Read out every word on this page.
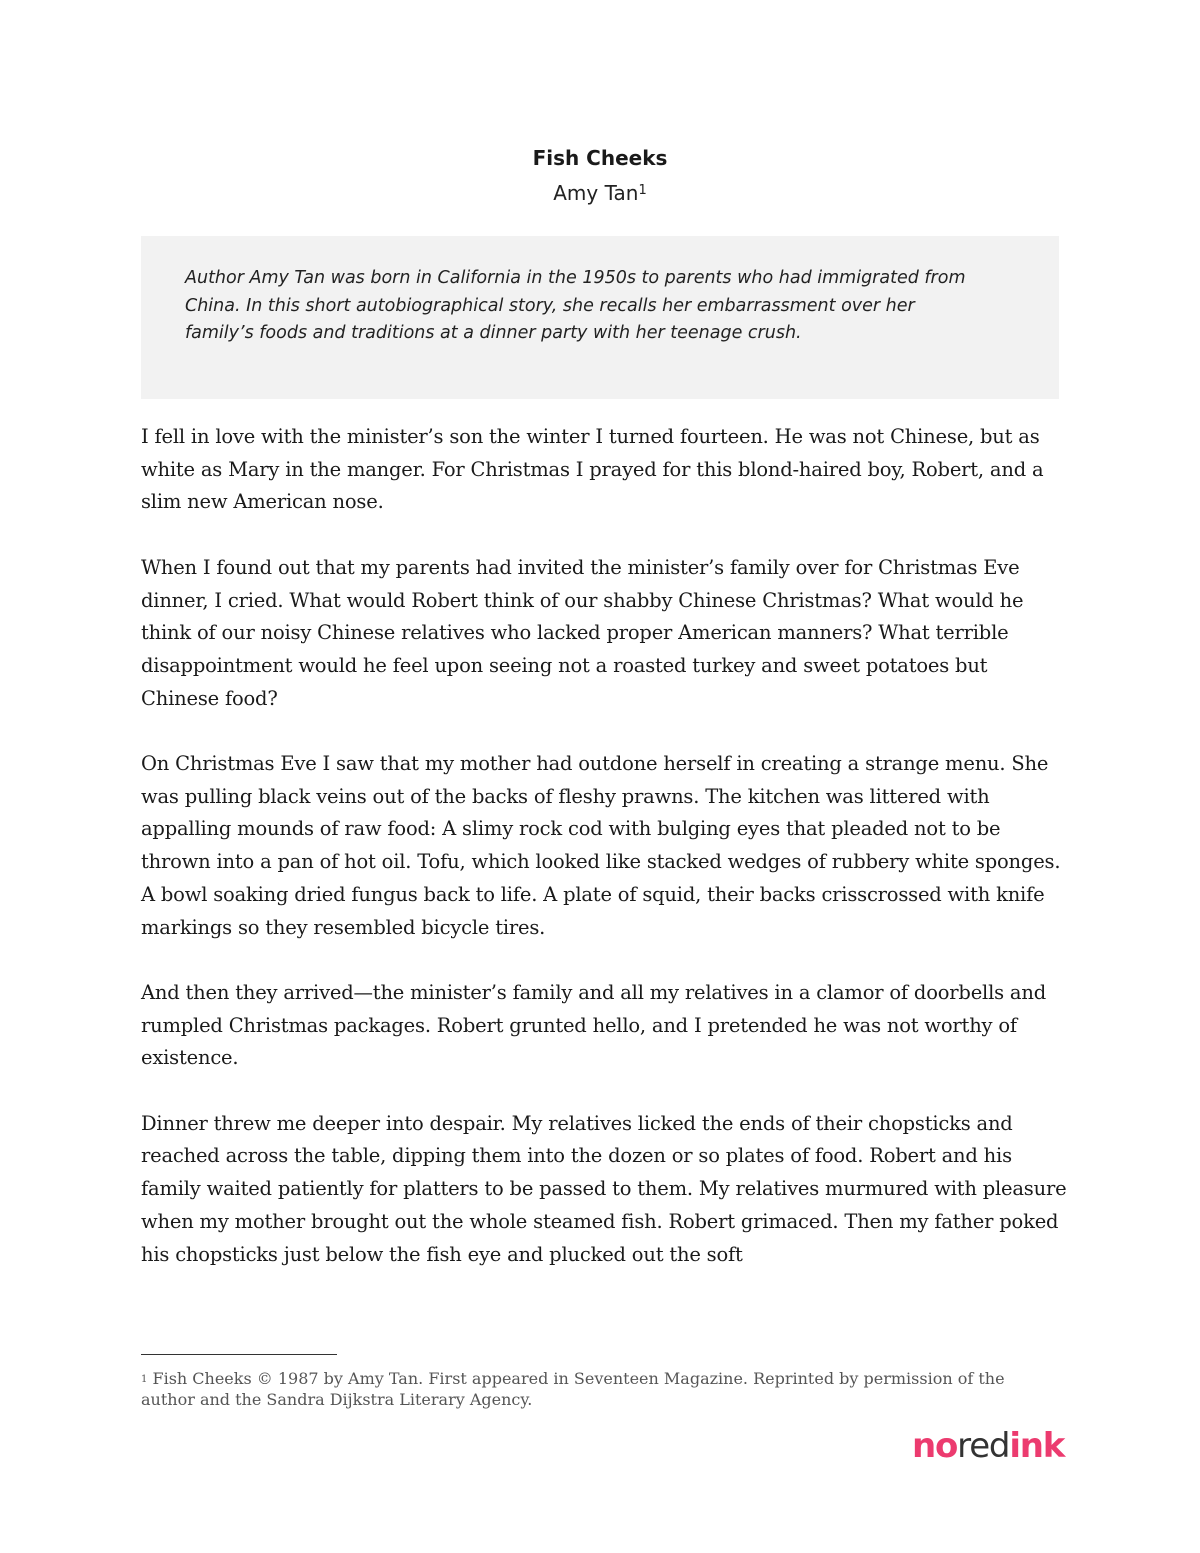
Fish Cheeks
Amy Tan$^1$

Author Amy Tan was born in California in the 1950s to parents who had immigrated from China. In this short autobiographical story, she recalls her embarrassment over her family’s foods and traditions at a dinner party with her teenage crush.

I fell in love with the minister’s son the winter I turned fourteen. He was not Chinese, but as white as Mary in the manger. For Christmas I prayed for this blond-haired boy, Robert, and a slim new American nose.

When I found out that my parents had invited the minister’s family over for Christmas Eve dinner, I cried. What would Robert think of our shabby Chinese Christmas? What would he think of our noisy Chinese relatives who lacked proper American manners? What terrible disappointment would he feel upon seeing not a roasted turkey and sweet potatoes but Chinese food?

On Christmas Eve I saw that my mother had outdone herself in creating a strange menu. She was pulling black veins out of the backs of fleshy prawns. The kitchen was littered with appalling mounds of raw food: A slimy rock cod with bulging eyes that pleaded not to be thrown into a pan of hot oil. Tofu, which looked like stacked wedges of rubbery white sponges. A bowl soaking dried fungus back to life. A plate of squid, their backs crisscrossed with knife markings so they resembled bicycle tires.

And then they arrived—the minister’s family and all my relatives in a clamor of doorbells and rumpled Christmas packages. Robert grunted hello, and I pretended he was not worthy of existence.

Dinner threw me deeper into despair. My relatives licked the ends of their chopsticks and reached across the table, dipping them into the dozen or so plates of food. Robert and his family waited patiently for platters to be passed to them. My relatives murmured with pleasure when my mother brought out the whole steamed fish. Robert grimaced. Then my father poked his chopsticks just below the fish eye and plucked out the soft

$^1$ Fish Cheeks © 1987 by Amy Tan. First appeared in Seventeen Magazine. Reprinted by permission of the author and the Sandra Dijkstra Literary Agency.
noredink
